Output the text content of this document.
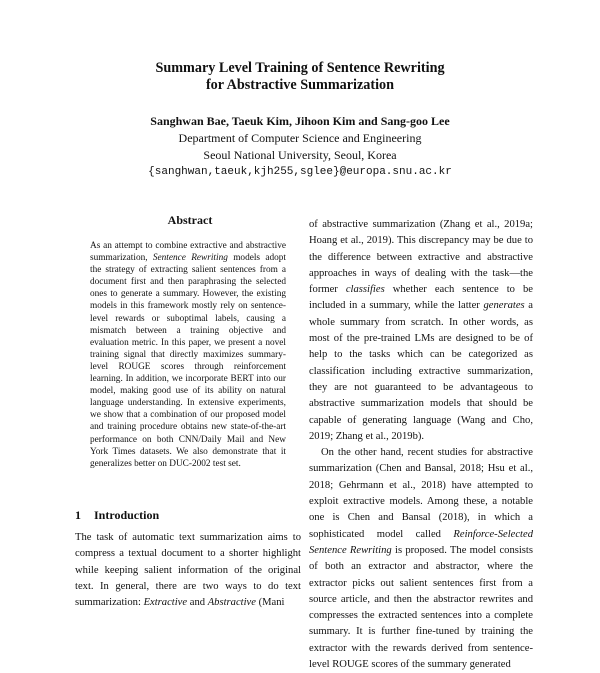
Summary Level Training of Sentence Rewriting
for Abstractive Summarization
Sanghwan Bae, Taeuk Kim, Jihoon Kim and Sang-goo Lee
Department of Computer Science and Engineering
Seoul National University, Seoul, Korea
{sanghwan,taeuk,kjh255,sglee}@europa.snu.ac.kr
Abstract

As an attempt to combine extractive and abstractive summarization, Sentence Rewriting models adopt the strategy of extracting salient sentences from a document first and then paraphrasing the selected ones to generate a summary. However, the existing models in this framework mostly rely on sentence-level rewards or suboptimal labels, causing a mismatch between a training objective and evaluation metric. In this paper, we present a novel training signal that directly maximizes summary-level ROUGE scores through reinforcement learning. In addition, we incorporate BERT into our model, making good use of its ability on natural language understanding. In extensive experiments, we show that a combination of our proposed model and training procedure obtains new state-of-the-art performance on both CNN/Daily Mail and New York Times datasets. We also demonstrate that it generalizes better on DUC-2002 test set.

1 Introduction

The task of automatic text summarization aims to compress a textual document to a shorter highlight while keeping salient information of the original text. In general, there are two ways to do text summarization: Extractive and Abstractive (Mani

of abstractive summarization (Zhang et al., 2019a; Hoang et al., 2019). This discrepancy may be due to the difference between extractive and abstractive approaches in ways of dealing with the task—the former classifies whether each sentence to be included in a summary, while the latter generates a whole summary from scratch. In other words, as most of the pre-trained LMs are designed to be of help to the tasks which can be categorized as classification including extractive summarization, they are not guaranteed to be advantageous to abstractive summarization models that should be capable of generating language (Wang and Cho, 2019; Zhang et al., 2019b).

On the other hand, recent studies for abstractive summarization (Chen and Bansal, 2018; Hsu et al., 2018; Gehrmann et al., 2018) have attempted to exploit extractive models. Among these, a notable one is Chen and Bansal (2018), in which a sophisticated model called Reinforce-Selected Sentence Rewriting is proposed. The model consists of both an extractor and abstractor, where the extractor picks out salient sentences first from a source article, and then the abstractor rewrites and compresses the extracted sentences into a complete summary. It is further fine-tuned by training the extractor with the rewards derived from sentence-level ROUGE scores of the summary generated
